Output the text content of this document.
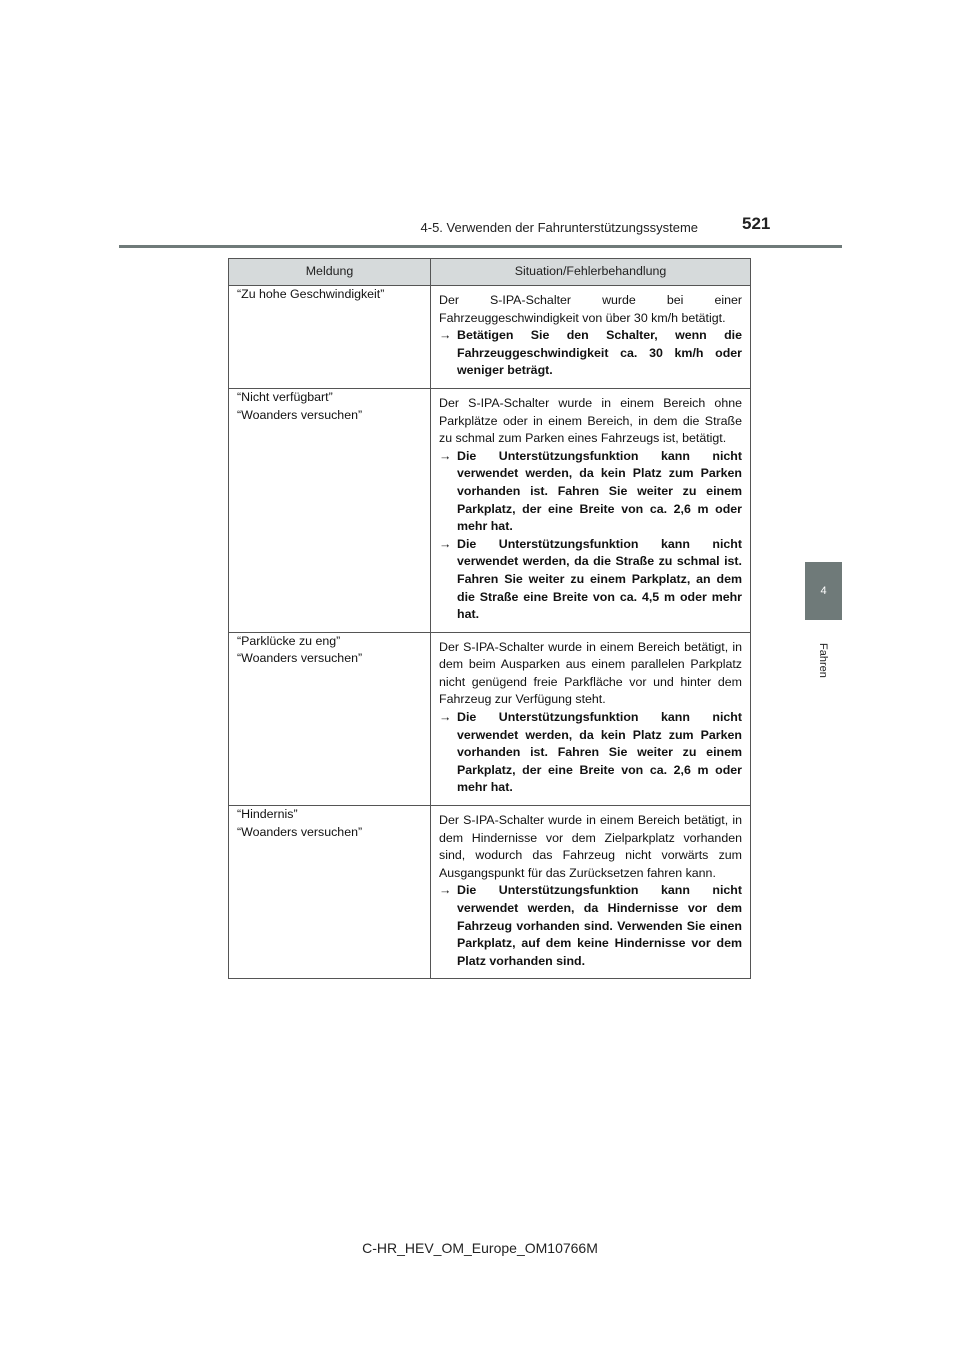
4-5. Verwenden der Fahrunterstützungssysteme	521
4
Fahren
Meldung	Situation/Fehlerbehandlung

“Zu hohe Geschwindigkeit”	Der S-IPA-Schalter wurde bei einer Fahrzeuggeschwindigkeit von über 30 km/h betätigt.
→ Betätigen Sie den Schalter, wenn die Fahrzeuggeschwindigkeit ca. 30 km/h oder weniger beträgt.

“Nicht verfügbart”
“Woanders versuchen”	Der S-IPA-Schalter wurde in einem Bereich ohne Parkplätze oder in einem Bereich, in dem die Straße zu schmal zum Parken eines Fahrzeugs ist, betätigt.
→ Die Unterstützungsfunktion kann nicht verwendet werden, da kein Platz zum Parken vorhanden ist. Fahren Sie weiter zu einem Parkplatz, der eine Breite von ca. 2,6 m oder mehr hat.
→ Die Unterstützungsfunktion kann nicht verwendet werden, da die Straße zu schmal ist. Fahren Sie weiter zu einem Parkplatz, an dem die Straße eine Breite von ca. 4,5 m oder mehr hat.

“Parklücke zu eng”
“Woanders versuchen”	Der S-IPA-Schalter wurde in einem Bereich betätigt, in dem beim Ausparken aus einem parallelen Parkplatz nicht genügend freie Parkfläche vor und hinter dem Fahrzeug zur Verfügung steht.
→ Die Unterstützungsfunktion kann nicht verwendet werden, da kein Platz zum Parken vorhanden ist. Fahren Sie weiter zu einem Parkplatz, der eine Breite von ca. 2,6 m oder mehr hat.

“Hindernis”
“Woanders versuchen”	Der S-IPA-Schalter wurde in einem Bereich betätigt, in dem Hindernisse vor dem Zielparkplatz vorhanden sind, wodurch das Fahrzeug nicht vorwärts zum Ausgangspunkt für das Zurücksetzen fahren kann.
→ Die Unterstützungsfunktion kann nicht verwendet werden, da Hindernisse vor dem Fahrzeug vorhanden sind. Verwenden Sie einen Parkplatz, auf dem keine Hindernisse vor dem Platz vorhanden sind.
C-HR_HEV_OM_Europe_OM10766M
